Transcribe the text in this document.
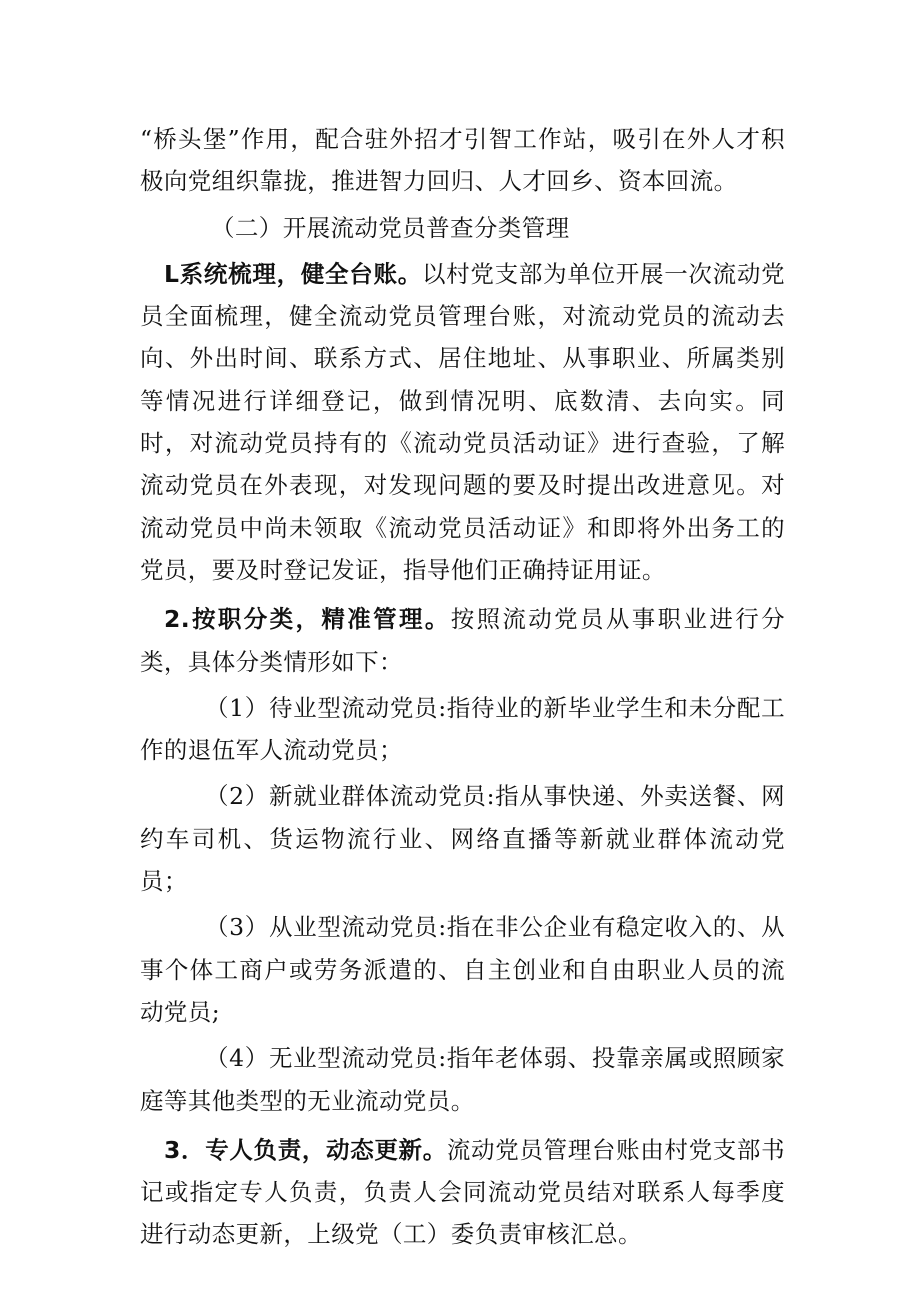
“桥头堡”作用，配合驻外招才引智工作站，吸引在外人才积极向党组织靠拢，推进智力回归、人才回乡、资本回流。

（二）开展流动党员普查分类管理

L系统梳理，健全台账。以村党支部为单位开展一次流动党员全面梳理，健全流动党员管理台账，对流动党员的流动去向、外出时间、联系方式、居住地址、从事职业、所属类别等情况进行详细登记，做到情况明、底数清、去向实。同时，对流动党员持有的《流动党员活动证》进行查验，了解流动党员在外表现，对发现问题的要及时提出改进意见。对流动党员中尚未领取《流动党员活动证》和即将外出务工的党员，要及时登记发证，指导他们正确持证用证。

2.按职分类，精准管理。按照流动党员从事职业进行分类，具体分类情形如下：

（1）待业型流动党员:指待业的新毕业学生和未分配工作的退伍军人流动党员；

（2）新就业群体流动党员:指从事快递、外卖送餐、网约车司机、货运物流行业、网络直播等新就业群体流动党员；

（3）从业型流动党员:指在非公企业有稳定收入的、从事个体工商户或劳务派遣的、自主创业和自由职业人员的流动党员;

（4）无业型流动党员:指年老体弱、投靠亲属或照顾家庭等其他类型的无业流动党员。

3．专人负责，动态更新。流动党员管理台账由村党支部书记或指定专人负责，负责人会同流动党员结对联系人每季度进行动态更新，上级党（工）委负责审核汇总。
